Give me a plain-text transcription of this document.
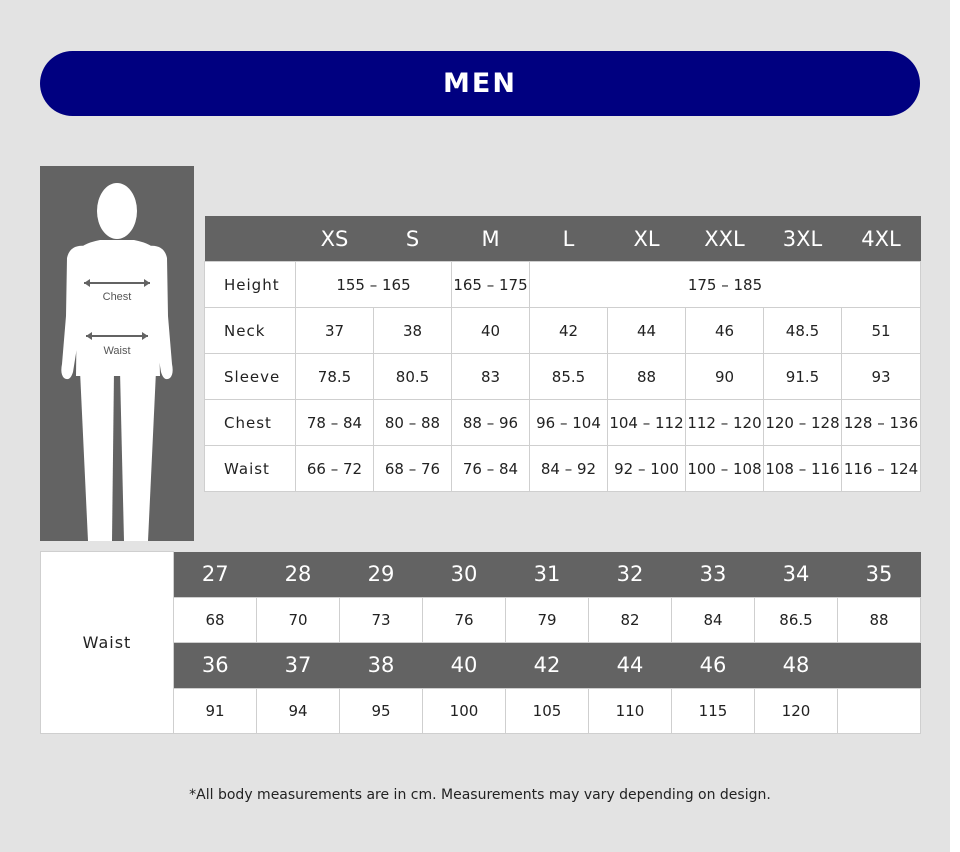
MEN
Chest
Waist
	XS	S	M	L	XL	XXL	3XL	4XL
Height	155 – 165		165 – 175	175 – 185				
Neck	37	38	40	42	44	46	48.5	51
Sleeve	78.5	80.5	83	85.5	88	90	91.5	93
Chest	78 – 84	80 – 88	88 – 96	96 – 104	104 – 112	112 – 120	120 – 128	128 – 136
Waist	66 – 72	68 – 76	76 – 84	84 – 92	92 – 100	100 – 108	108 – 116	116 – 124
Waist	27	28	29	30	31	32	33	34	35
	68	70	73	76	79	82	84	86.5	88
	36	37	38	40	42	44	46	48	
	91	94	95	100	105	110	115	120	
*All body measurements are in cm. Measurements may vary depending on design.
